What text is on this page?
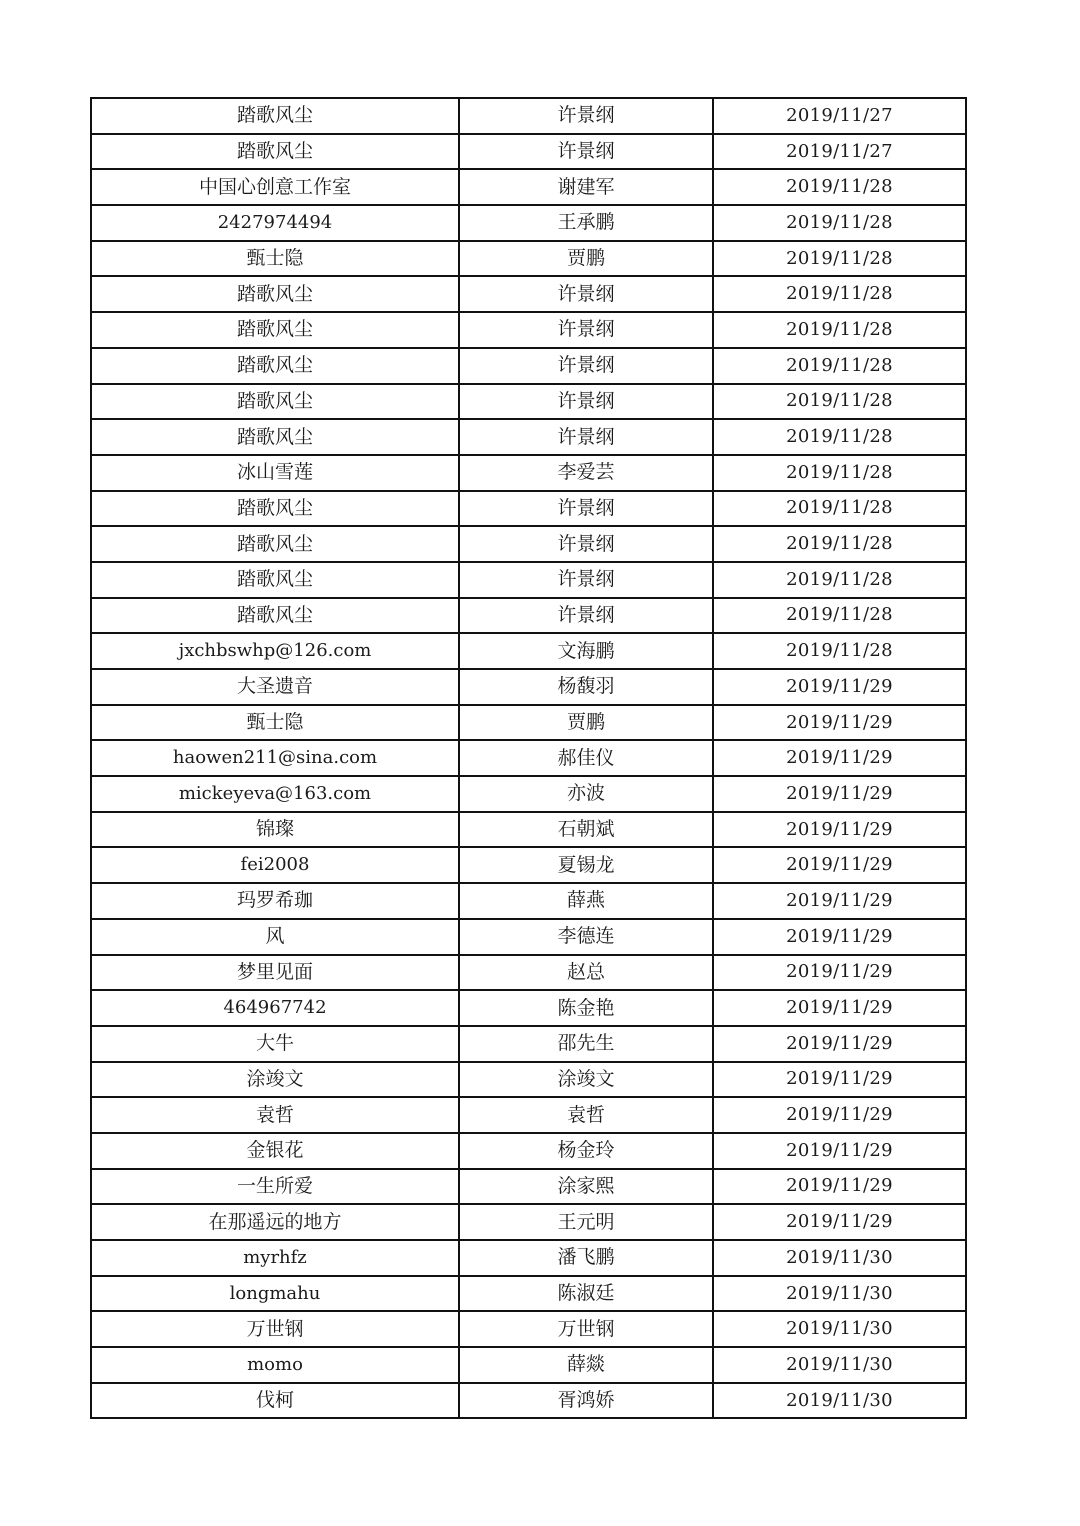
踏歌风尘	许景纲	2019/11/27
踏歌风尘	许景纲	2019/11/27
中国心创意工作室	谢建军	2019/11/28
2427974494	王承鹏	2019/11/28
甄士隐	贾鹏	2019/11/28
踏歌风尘	许景纲	2019/11/28
踏歌风尘	许景纲	2019/11/28
踏歌风尘	许景纲	2019/11/28
踏歌风尘	许景纲	2019/11/28
踏歌风尘	许景纲	2019/11/28
冰山雪莲	李爱芸	2019/11/28
踏歌风尘	许景纲	2019/11/28
踏歌风尘	许景纲	2019/11/28
踏歌风尘	许景纲	2019/11/28
踏歌风尘	许景纲	2019/11/28
jxchbswhp@126.com	文海鹏	2019/11/28
大圣遗音	杨馥羽	2019/11/29
甄士隐	贾鹏	2019/11/29
haowen211@sina.com	郝佳仪	2019/11/29
mickeyeva@163.com	亦波	2019/11/29
锦璨	石朝斌	2019/11/29
fei2008	夏锡龙	2019/11/29
玛罗希珈	薛燕	2019/11/29
风	李德连	2019/11/29
梦里见面	赵总	2019/11/29
464967742	陈金艳	2019/11/29
大牛	邵先生	2019/11/29
涂竣文	涂竣文	2019/11/29
袁哲	袁哲	2019/11/29
金银花	杨金玲	2019/11/29
一生所爱	涂家熙	2019/11/29
在那遥远的地方	王元明	2019/11/29
myrhfz	潘飞鹏	2019/11/30
longmahu	陈淑廷	2019/11/30
万世钢	万世钢	2019/11/30
momo	薛燚	2019/11/30
伐柯	胥鸿娇	2019/11/30
